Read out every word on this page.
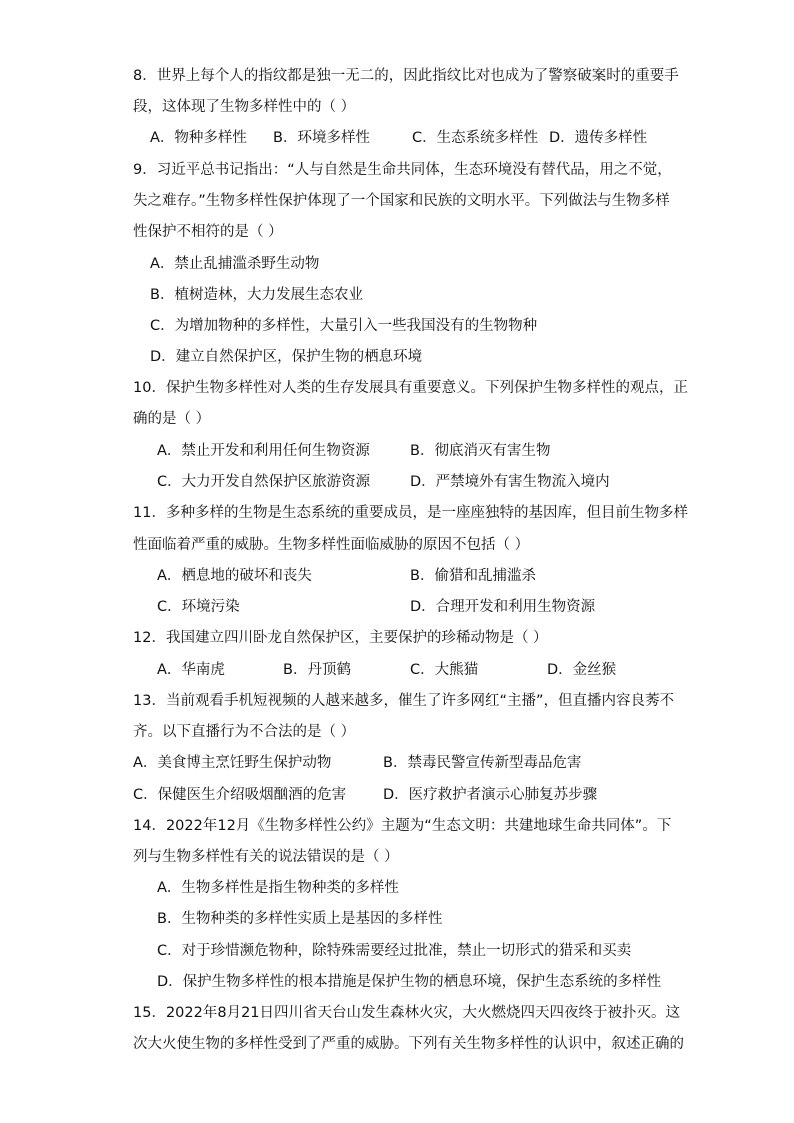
8．世界上每个人的指纹都是独一无二的，因此指纹比对也成为了警察破案时的重要手
段，这体现了生物多样性中的（ ）
A．物种多样性 B．环境多样性	C．生态系统多样性 D．遗传多样性
9．习近平总书记指出：“人与自然是生命共同体，生态环境没有替代品，用之不觉，
失之难存。”生物多样性保护体现了一个国家和民族的文明水平。下列做法与生物多样
性保护不相符的是（ ）
A．禁止乱捕滥杀野生动物
B．植树造林，大力发展生态农业
C．为增加物种的多样性，大量引入一些我国没有的生物物种
D．建立自然保护区，保护生物的栖息环境
10．保护生物多样性对人类的生存发展具有重要意义。下列保护生物多样性的观点，正
确的是（ ）
A．禁止开发和利用任何生物资源	B．彻底消灭有害生物
C．大力开发自然保护区旅游资源	D．严禁境外有害生物流入境内
11．多种多样的生物是生态系统的重要成员，是一座座独特的基因库，但目前生物多样
性面临着严重的威胁。生物多样性面临威胁的原因不包括（ ）
A．栖息地的破坏和丧失	B．偷猎和乱捕滥杀
C．环境污染	D．合理开发和利用生物资源
12．我国建立四川卧龙自然保护区，主要保护的珍稀动物是（ ）
A．华南虎	B．丹顶鹤	C．大熊猫	D．金丝猴
13．当前观看手机短视频的人越来越多，催生了许多网红“主播”，但直播内容良莠不
齐。以下直播行为不合法的是（ ）
A．美食博主烹饪野生保护动物	B．禁毒民警宣传新型毒品危害
C．保健医生介绍吸烟酗酒的危害	D．医疗救护者演示心肺复苏步骤
14．2022年12月《生物多样性公约》主题为“生态文明：共建地球生命共同体”。下
列与生物多样性有关的说法错误的是（ ）
A．生物多样性是指生物种类的多样性
B．生物种类的多样性实质上是基因的多样性
C．对于珍惜濒危物种，除特殊需要经过批准，禁止一切形式的猎采和买卖
D．保护生物多样性的根本措施是保护生物的栖息环境，保护生态系统的多样性
15．2022年8月21日四川省天台山发生森林火灾，大火燃烧四天四夜终于被扑灭。这
次大火使生物的多样性受到了严重的威胁。下列有关生物多样性的认识中，叙述正确的
